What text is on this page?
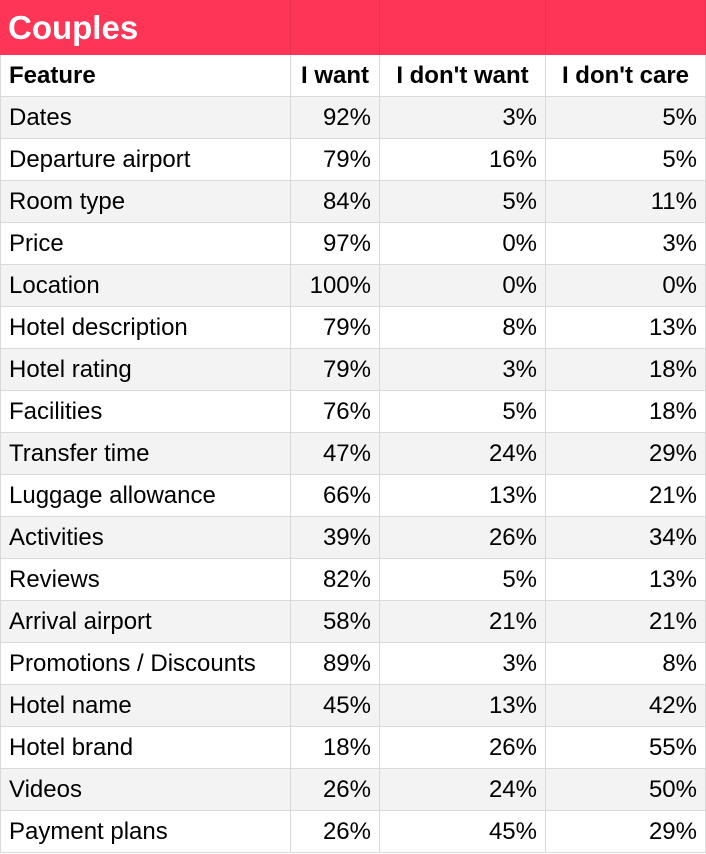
Couples			
Feature	I want	I don't want	I don't care
Dates	92%	3%	5%
Departure airport	79%	16%	5%
Room type	84%	5%	11%
Price	97%	0%	3%
Location	100%	0%	0%
Hotel description	79%	8%	13%
Hotel rating	79%	3%	18%
Facilities	76%	5%	18%
Transfer time	47%	24%	29%
Luggage allowance	66%	13%	21%
Activities	39%	26%	34%
Reviews	82%	5%	13%
Arrival airport	58%	21%	21%
Promotions / Discounts	89%	3%	8%
Hotel name	45%	13%	42%
Hotel brand	18%	26%	55%
Videos	26%	24%	50%
Payment plans	26%	45%	29%
